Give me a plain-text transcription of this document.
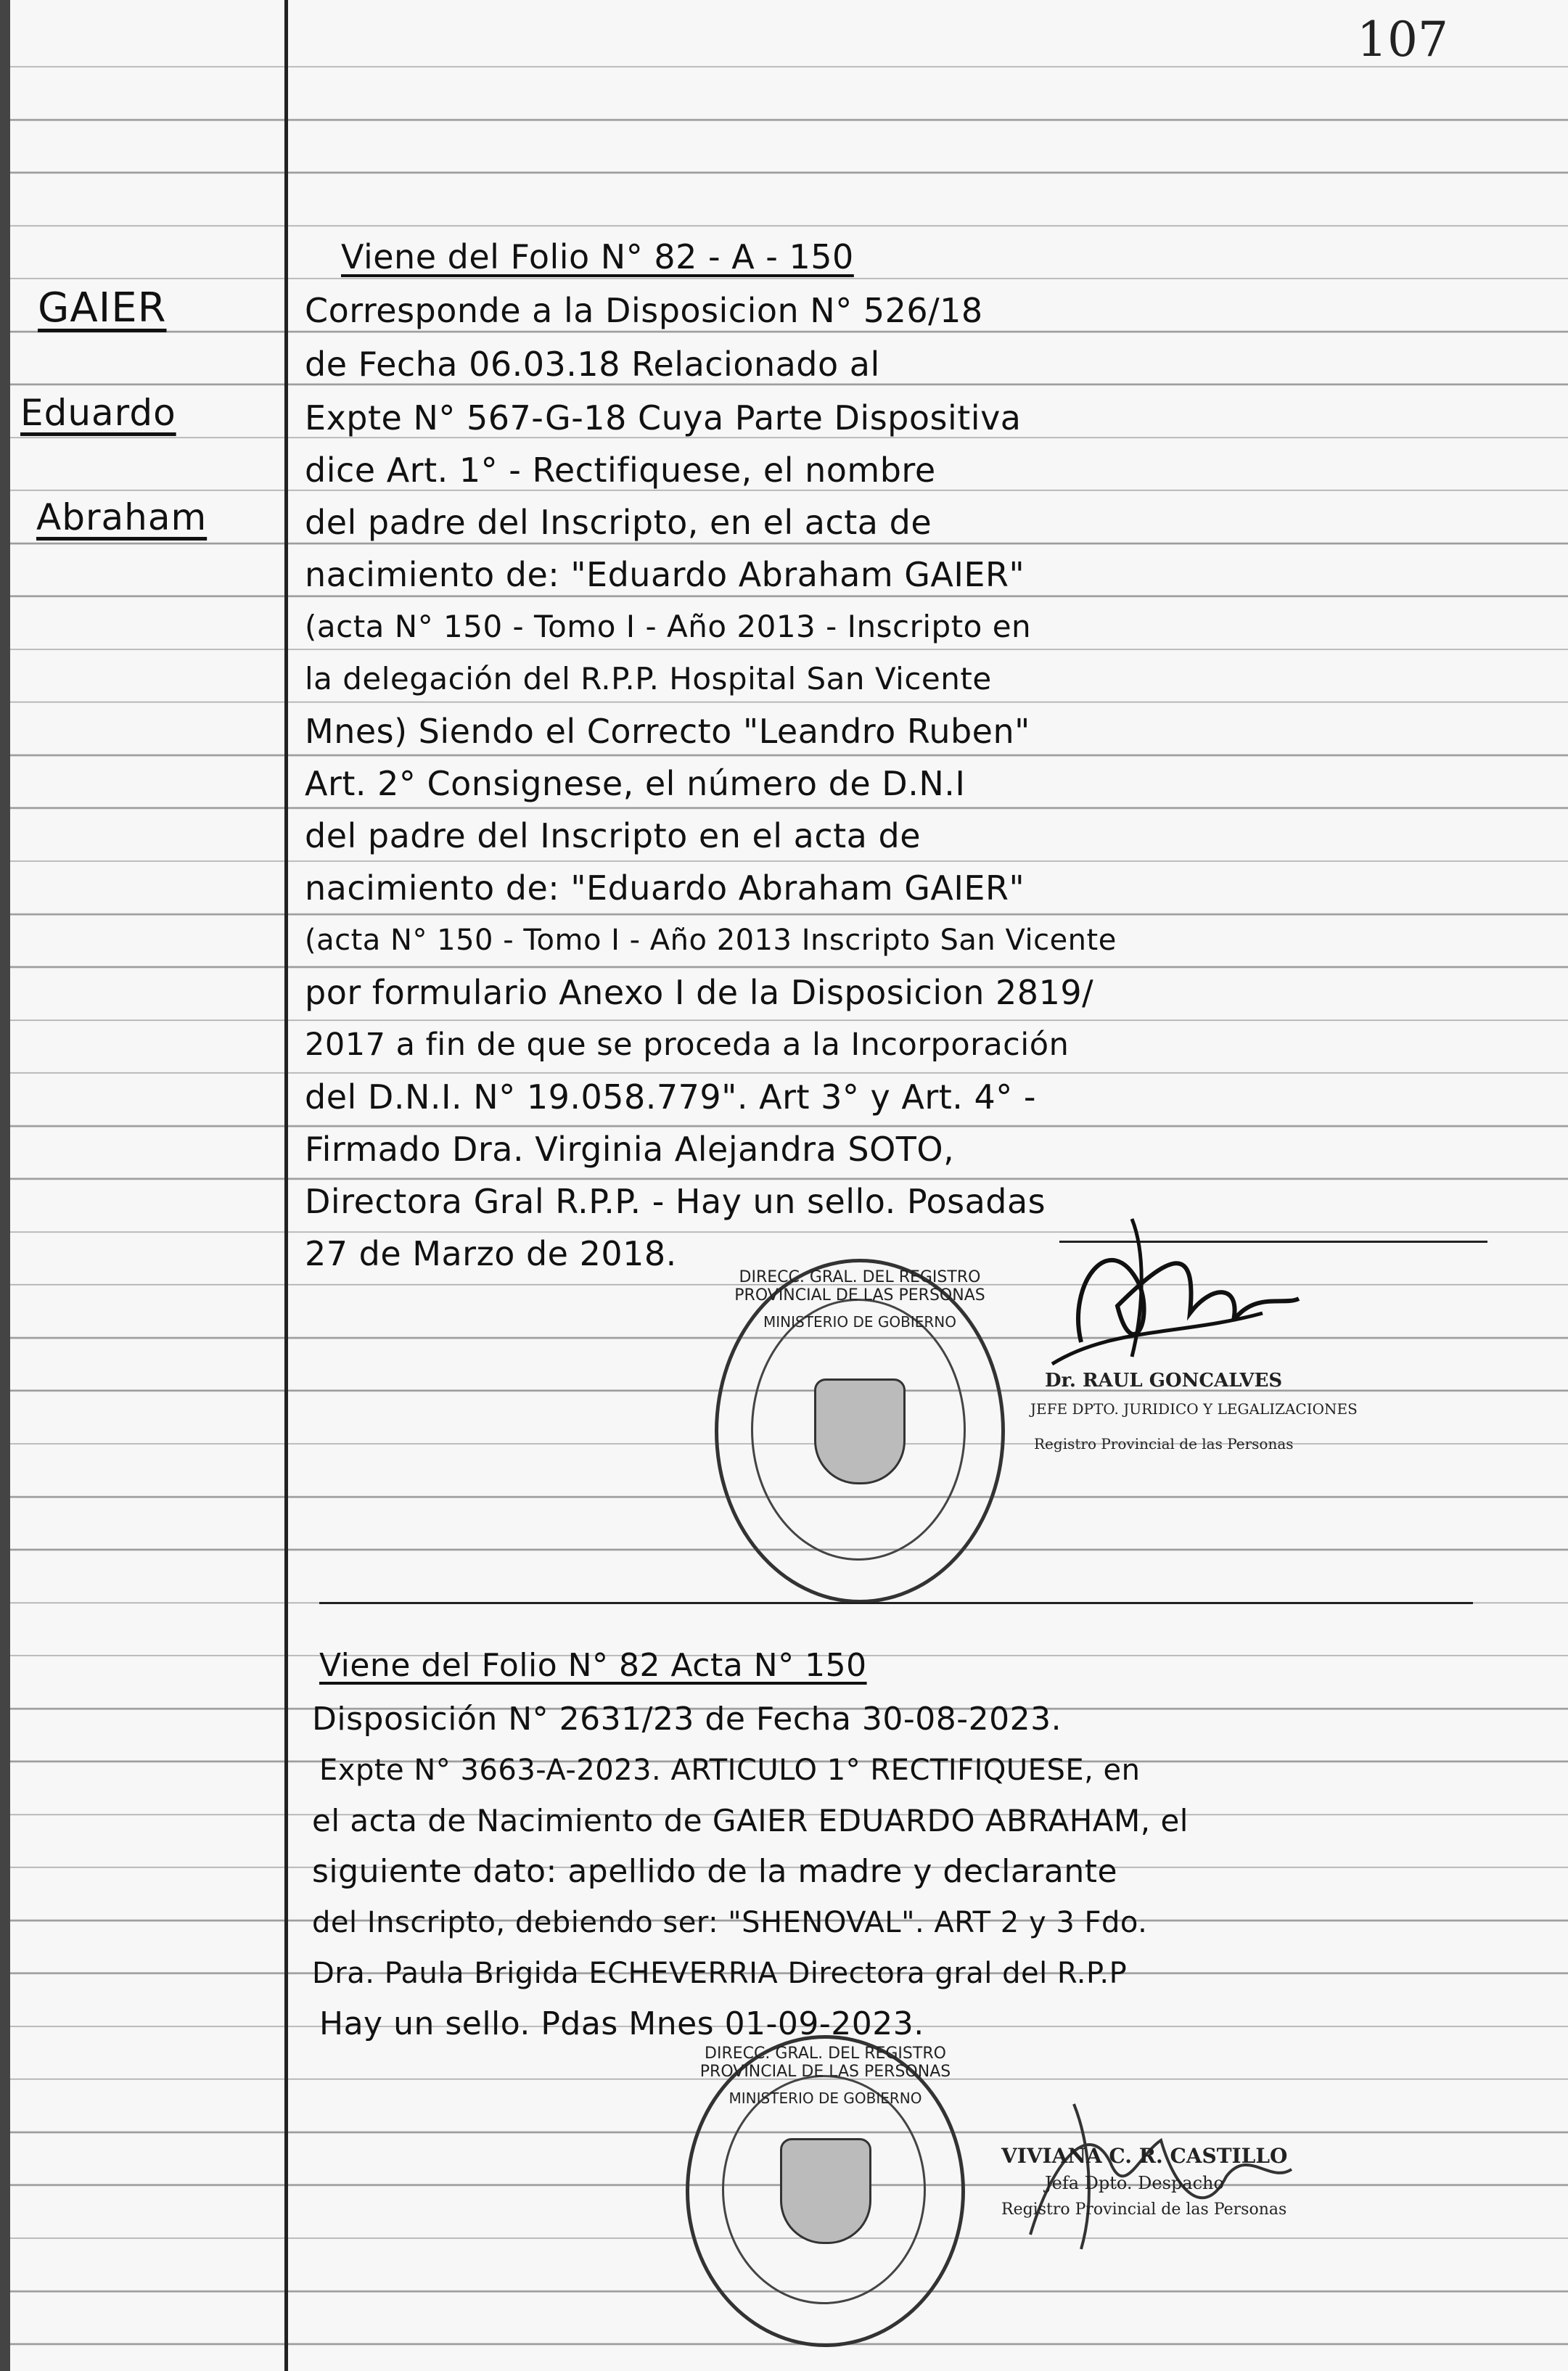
107
GAIER
Eduardo
Abraham
Viene del Folio N° 82 - A - 150
Corresponde a la Disposicion N° 526/18
de Fecha 06.03.18 Relacionado al
Expte N° 567-G-18 Cuya Parte Dispositiva
dice Art. 1° - Rectifiquese, el nombre
del padre del Inscripto, en el acta de
nacimiento de: "Eduardo Abraham GAIER"
(acta N° 150 - Tomo I - Año 2013 - Inscripto en
la delegación del R.P.P. Hospital San Vicente
Mnes) Siendo el Correcto "Leandro Ruben"
Art. 2° Consignese, el número de D.N.I
del padre del Inscripto en el acta de
nacimiento de: "Eduardo Abraham GAIER"
(acta N° 150 - Tomo I - Año 2013 Inscripto San Vicente
por formulario Anexo I de la Disposicion 2819/
2017 a fin de que se proceda a la Incorporación
del D.N.I. N° 19.058.779". Art 3° y Art. 4° -
Firmado Dra. Virginia Alejandra SOTO,
Directora Gral R.P.P. - Hay un sello. Posadas
27 de Marzo de 2018.
DIRECC. GRAL. DEL REGISTRO PROVINCIAL DE LAS PERSONAS
MINISTERIO DE GOBIERNO
Dr. RAUL GONCALVES
JEFE DPTO. JURIDICO Y LEGALIZACIONES
Registro Provincial de las Personas
Viene del Folio N° 82 Acta N° 150
Disposición N° 2631/23 de Fecha 30-08-2023.
Expte N° 3663-A-2023. ARTICULO 1° RECTIFIQUESE, en
el acta de Nacimiento de GAIER EDUARDO ABRAHAM, el
siguiente dato: apellido de la madre y declarante
del Inscripto, debiendo ser: "SHENOVAL". ART 2 y 3 Fdo.
Dra. Paula Brigida ECHEVERRIA Directora gral del R.P.P
Hay un sello. Pdas Mnes 01-09-2023.
DIRECC. GRAL. DEL REGISTRO PROVINCIAL DE LAS PERSONAS
MINISTERIO DE GOBIERNO
VIVIANA C. R. CASTILLO
Jefa Dpto. Despacho
Registro Provincial de las Personas
